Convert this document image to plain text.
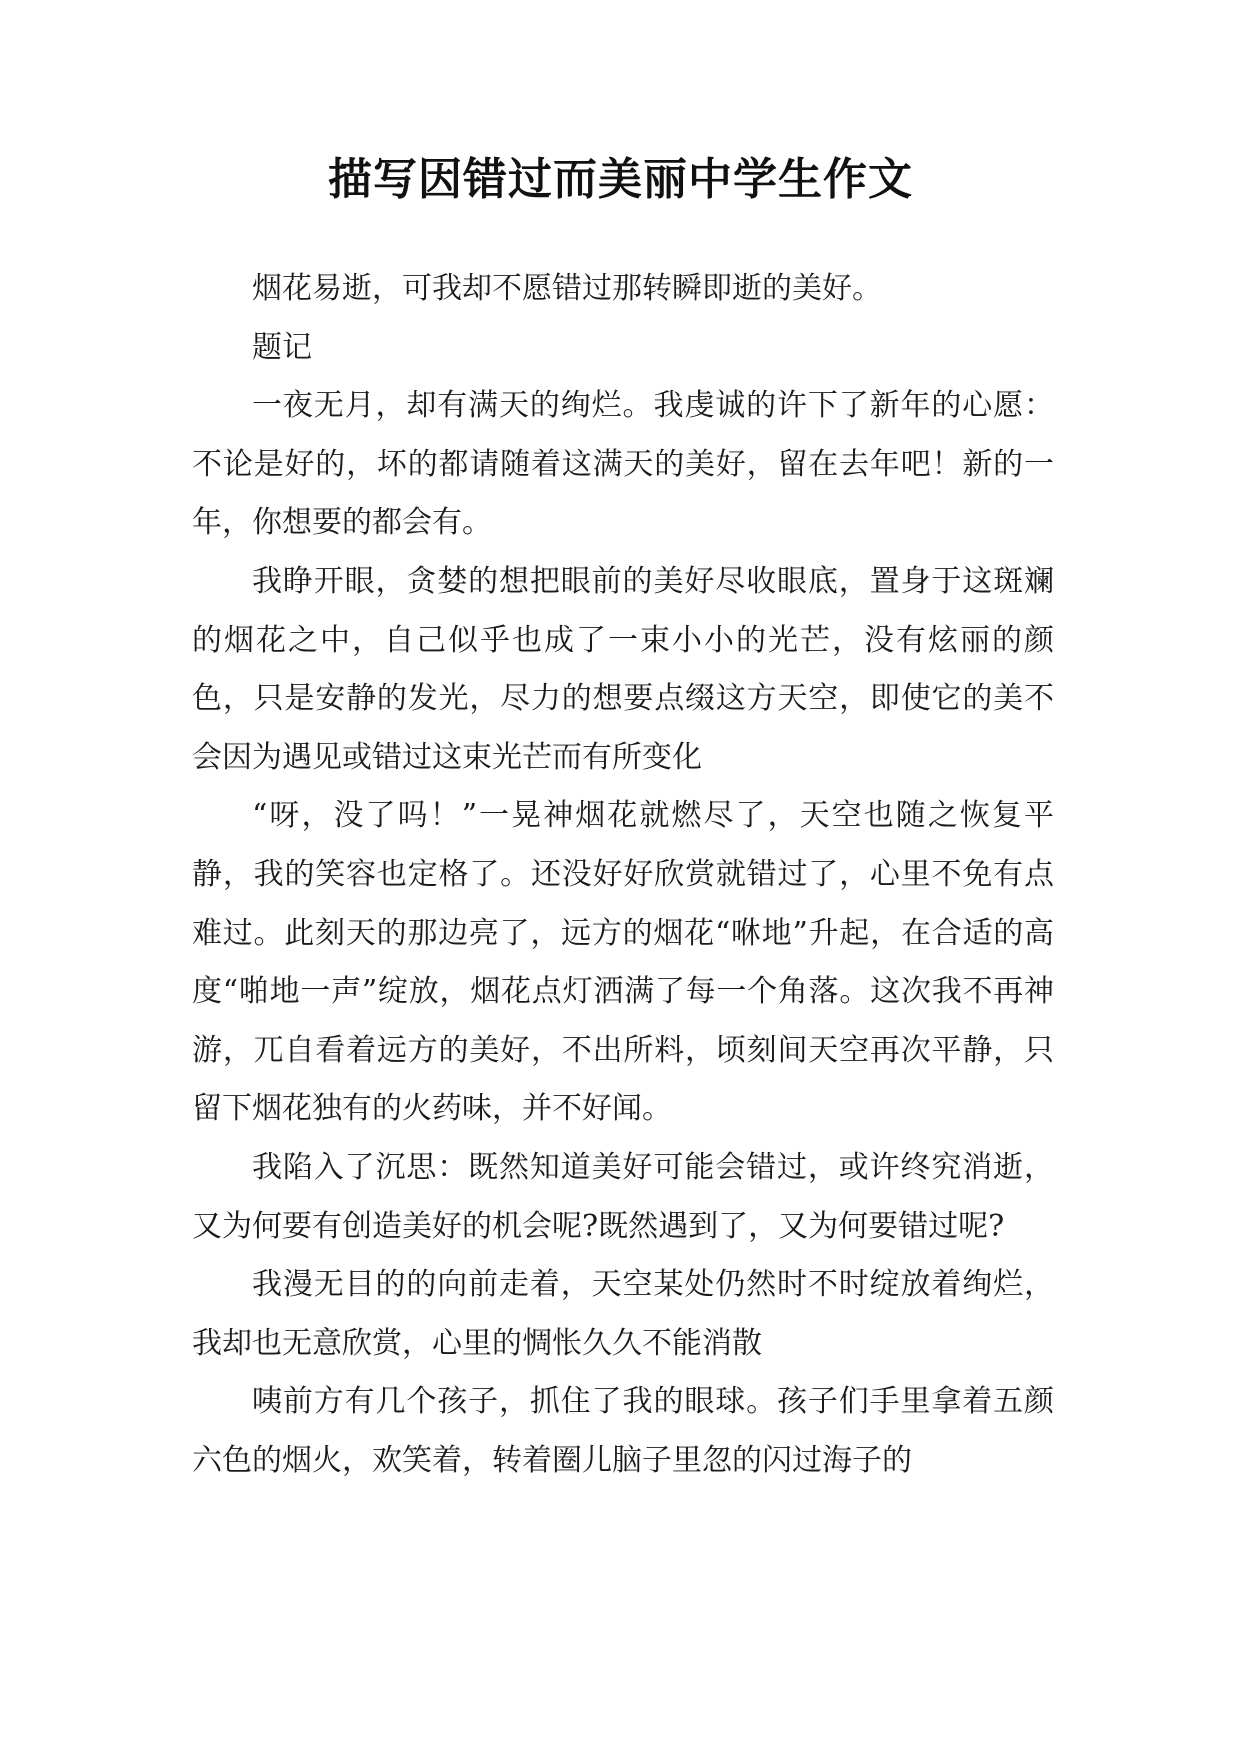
描写因错过而美丽中学生作文

烟花易逝，可我却不愿错过那转瞬即逝的美好。

题记

一夜无月，却有满天的绚烂。我虔诚的许下了新年的心愿：不论是好的，坏的都请随着这满天的美好，留在去年吧！新的一年，你想要的都会有。

我睁开眼，贪婪的想把眼前的美好尽收眼底，置身于这斑斓的烟花之中，自己似乎也成了一束小小的光芒，没有炫丽的颜色，只是安静的发光，尽力的想要点缀这方天空，即使它的美不会因为遇见或错过这束光芒而有所变化

“呀，没了吗！”一晃神烟花就燃尽了，天空也随之恢复平静，我的笑容也定格了。还没好好欣赏就错过了，心里不免有点难过。此刻天的那边亮了，远方的烟花“咻地”升起，在合适的高度“啪地一声”绽放，烟花点灯洒满了每一个角落。这次我不再神游，兀自看着远方的美好，不出所料，顷刻间天空再次平静，只留下烟花独有的火药味，并不好闻。

我陷入了沉思：既然知道美好可能会错过，或许终究消逝，又为何要有创造美好的机会呢?既然遇到了，又为何要错过呢?

我漫无目的的向前走着，天空某处仍然时不时绽放着绚烂，我却也无意欣赏，心里的惆怅久久不能消散

咦前方有几个孩子，抓住了我的眼球。孩子们手里拿着五颜六色的烟火，欢笑着，转着圈儿脑子里忽的闪过海子的
